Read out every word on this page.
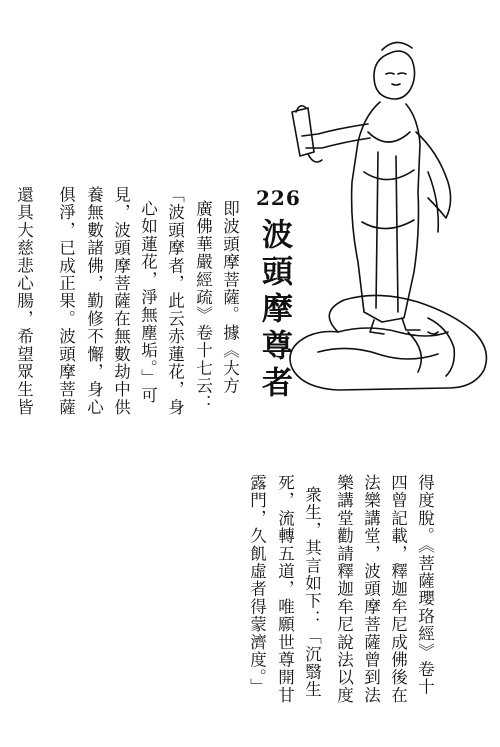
226
波頭摩尊者
即波頭摩菩薩。據《大方
廣佛華嚴經疏》卷十七云：
「波頭摩者，此云赤蓮花，身
心如蓮花，淨無塵垢。」可
見，波頭摩菩薩在無數劫中供
養無數諸佛，勤修不懈，身心
俱淨，已成正果。波頭摩菩薩
還具大慈悲心腸，希望眾生皆
得度脫。《菩薩瓔珞經》卷十
四曾記載，釋迦牟尼成佛後在
法樂講堂，波頭摩菩薩曾到法
樂講堂勸請釋迦牟尼說法以度
衆生，其言如下：「沉翳生
死，流轉五道，唯願世尊開甘
露門，久飢虛者得蒙濟度。」
